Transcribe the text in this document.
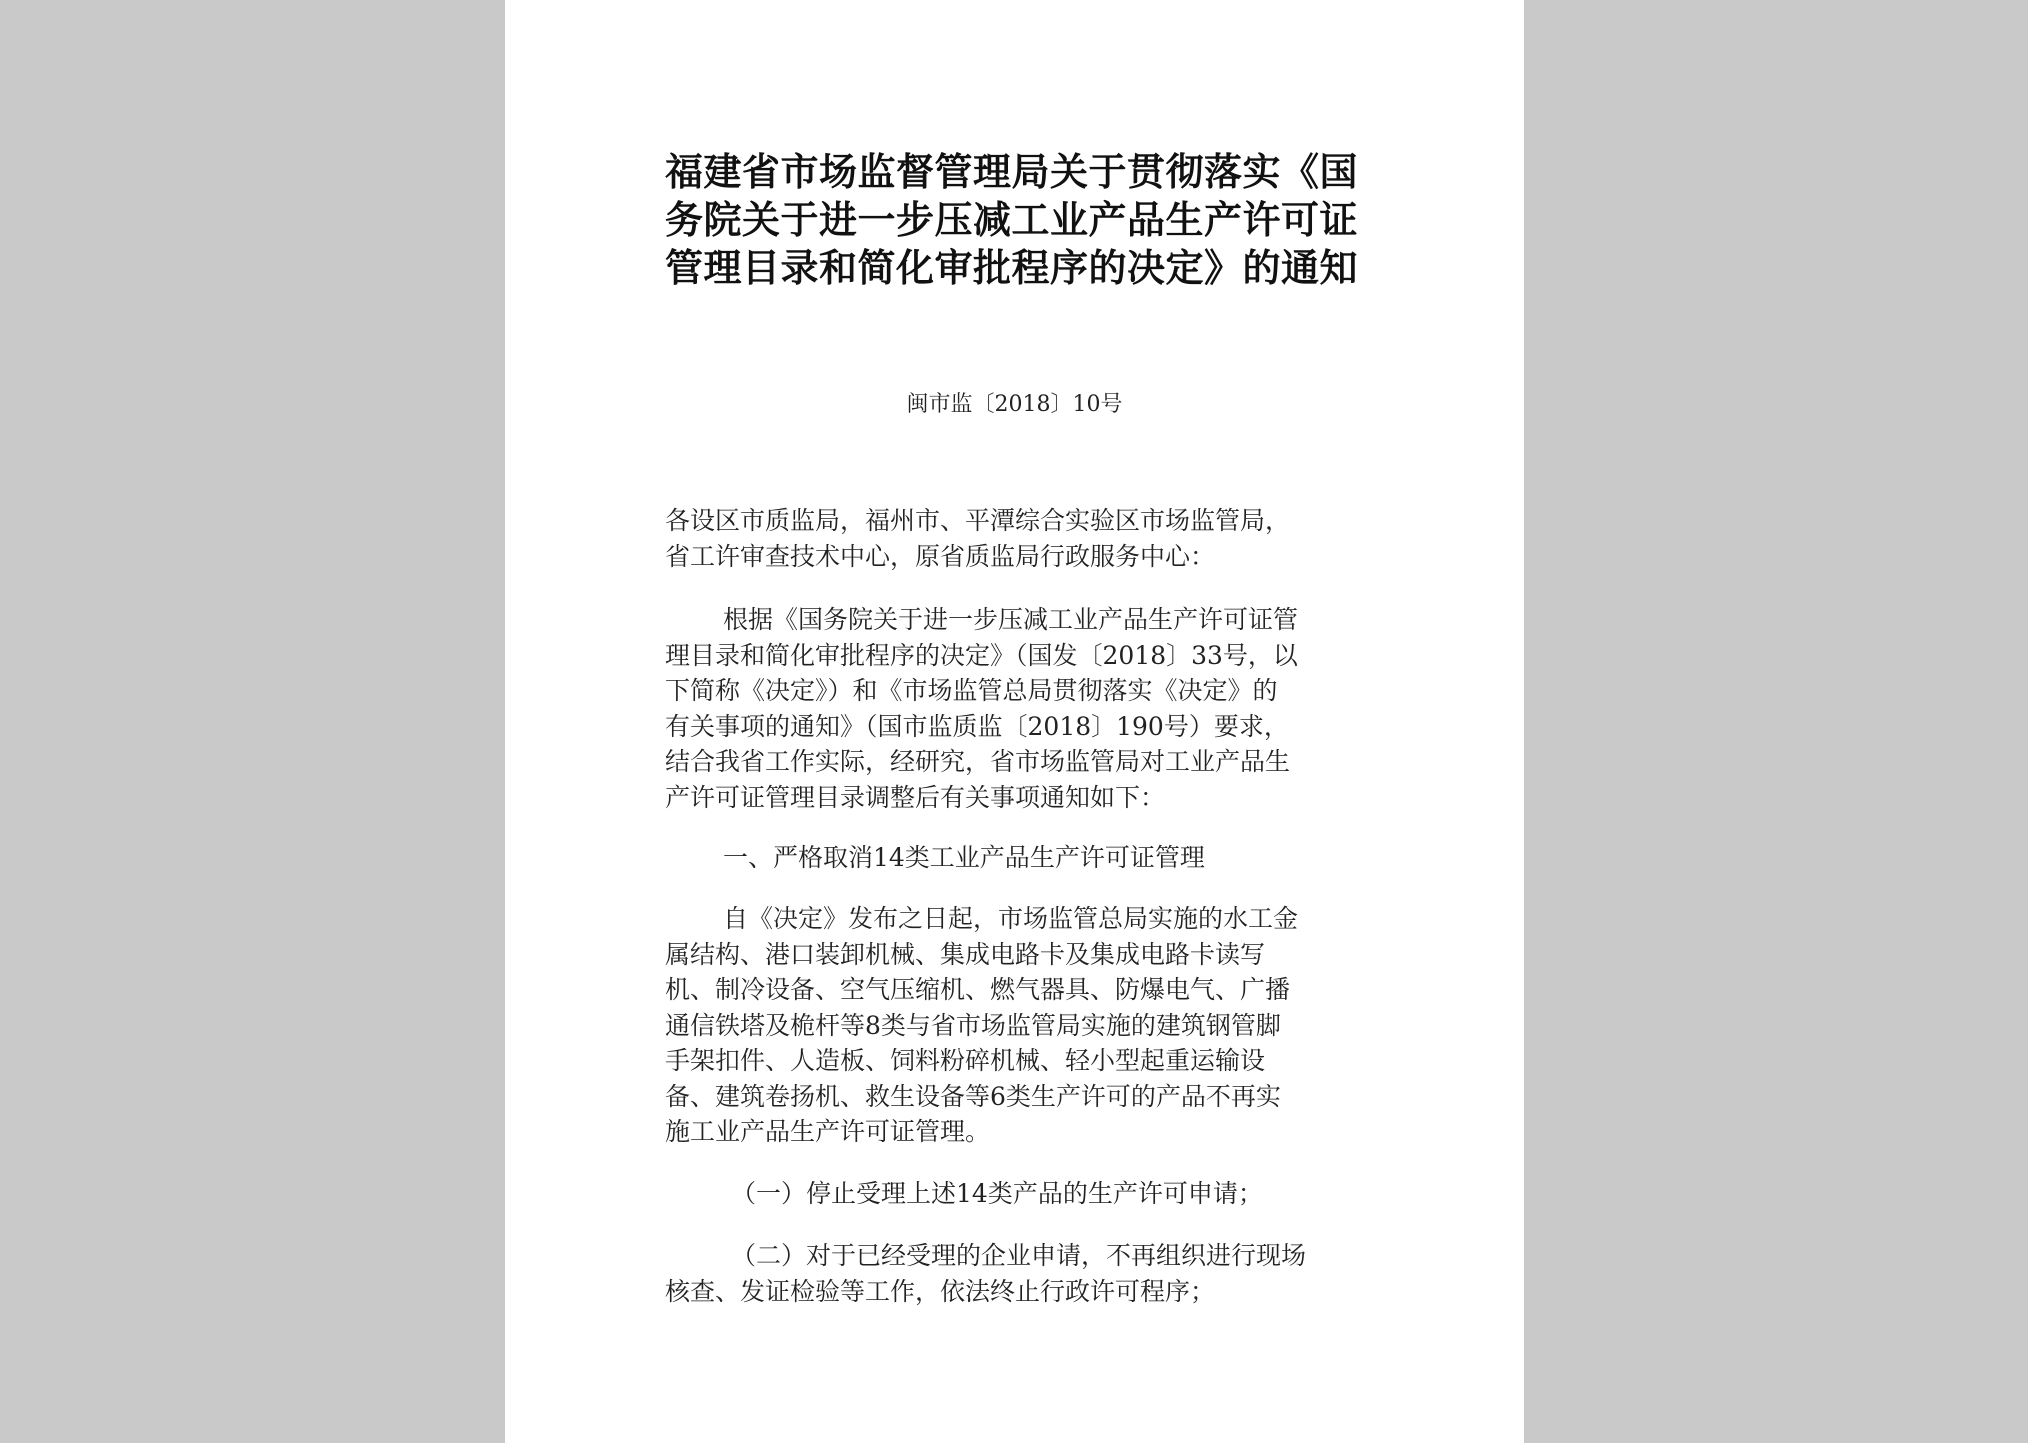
福建省市场监督管理局关于贯彻落实《国
务院关于进一步压减工业产品生产许可证
管理目录和简化审批程序的决定》的通知
闽市监〔2018〕10号

各设区市质监局，福州市、平潭综合实验区市场监管局，
省工许审查技术中心，原省质监局行政服务中心：

根据《国务院关于进一步压减工业产品生产许可证管
理目录和简化审批程序的决定》（国发〔2018〕33号，以
下简称《决定》）和《市场监管总局贯彻落实《决定》的
有关事项的通知》（国市监质监〔2018〕190号）要求，
结合我省工作实际，经研究，省市场监管局对工业产品生
产许可证管理目录调整后有关事项通知如下：

一、严格取消14类工业产品生产许可证管理

自《决定》发布之日起，市场监管总局实施的水工金
属结构、港口装卸机械、集成电路卡及集成电路卡读写
机、制冷设备、空气压缩机、燃气器具、防爆电气、广播
通信铁塔及桅杆等8类与省市场监管局实施的建筑钢管脚
手架扣件、人造板、饲料粉碎机械、轻小型起重运输设
备、建筑卷扬机、救生设备等6类生产许可的产品不再实
施工业产品生产许可证管理。

（一）停止受理上述14类产品的生产许可申请；

（二）对于已经受理的企业申请，不再组织进行现场
核查、发证检验等工作，依法终止行政许可程序；
